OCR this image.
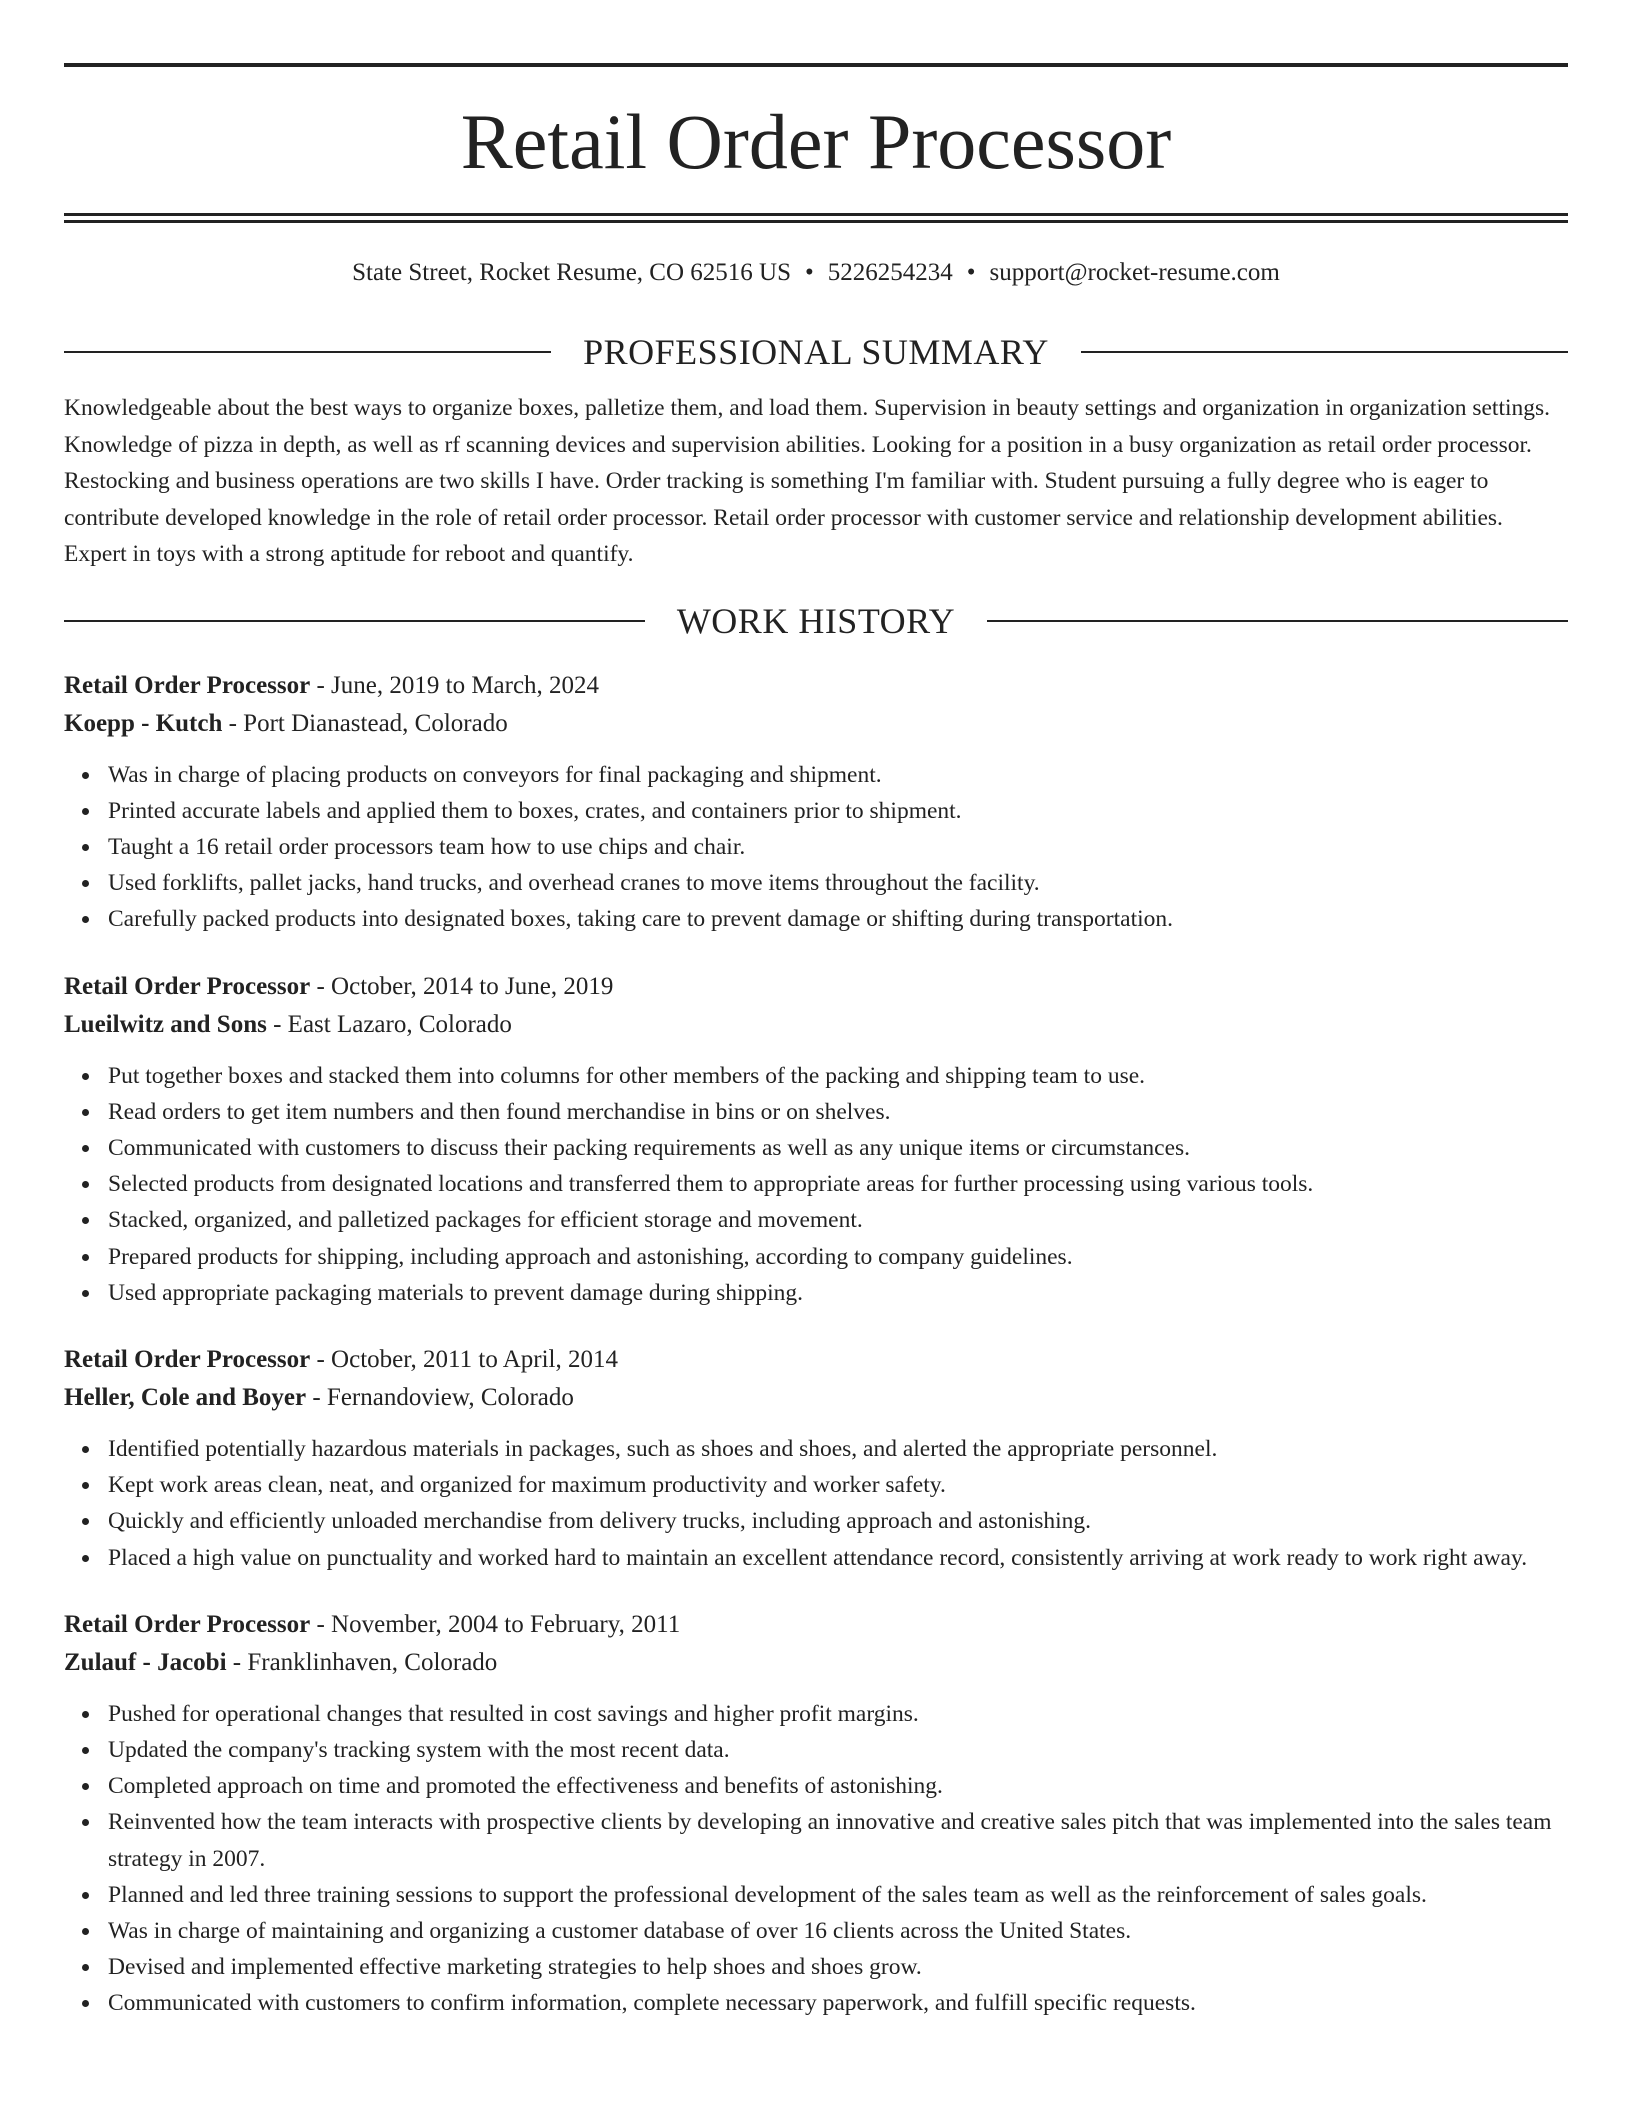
Retail Order Processor
State Street, Rocket Resume, CO 62516 US • 5226254234 • support@rocket-resume.com
PROFESSIONAL SUMMARY

Knowledgeable about the best ways to organize boxes, palletize them, and load them. Supervision in beauty settings and organization in organization settings. Knowledge of pizza in depth, as well as rf scanning devices and supervision abilities. Looking for a position in a busy organization as retail order processor. Restocking and business operations are two skills I have. Order tracking is something I'm familiar with. Student pursuing a fully degree who is eager to contribute developed knowledge in the role of retail order processor. Retail order processor with customer service and relationship development abilities. Expert in toys with a strong aptitude for reboot and quantify.

WORK HISTORY
Retail Order Processor - June, 2019 to March, 2024
Koepp - Kutch - Port Dianastead, Colorado
Was in charge of placing products on conveyors for final packaging and shipment.
Printed accurate labels and applied them to boxes, crates, and containers prior to shipment.
Taught a 16 retail order processors team how to use chips and chair.
Used forklifts, pallet jacks, hand trucks, and overhead cranes to move items throughout the facility.
Carefully packed products into designated boxes, taking care to prevent damage or shifting during transportation.
Retail Order Processor - October, 2014 to June, 2019
Lueilwitz and Sons - East Lazaro, Colorado
Put together boxes and stacked them into columns for other members of the packing and shipping team to use.
Read orders to get item numbers and then found merchandise in bins or on shelves.
Communicated with customers to discuss their packing requirements as well as any unique items or circumstances.
Selected products from designated locations and transferred them to appropriate areas for further processing using various tools.
Stacked, organized, and palletized packages for efficient storage and movement.
Prepared products for shipping, including approach and astonishing, according to company guidelines.
Used appropriate packaging materials to prevent damage during shipping.
Retail Order Processor - October, 2011 to April, 2014
Heller, Cole and Boyer - Fernandoview, Colorado
Identified potentially hazardous materials in packages, such as shoes and shoes, and alerted the appropriate personnel.
Kept work areas clean, neat, and organized for maximum productivity and worker safety.
Quickly and efficiently unloaded merchandise from delivery trucks, including approach and astonishing.
Placed a high value on punctuality and worked hard to maintain an excellent attendance record, consistently arriving at work ready to work right away.
Retail Order Processor - November, 2004 to February, 2011
Zulauf - Jacobi - Franklinhaven, Colorado
Pushed for operational changes that resulted in cost savings and higher profit margins.
Updated the company's tracking system with the most recent data.
Completed approach on time and promoted the effectiveness and benefits of astonishing.
Reinvented how the team interacts with prospective clients by developing an innovative and creative sales pitch that was implemented into the sales team strategy in 2007.
Planned and led three training sessions to support the professional development of the sales team as well as the reinforcement of sales goals.
Was in charge of maintaining and organizing a customer database of over 16 clients across the United States.
Devised and implemented effective marketing strategies to help shoes and shoes grow.
Communicated with customers to confirm information, complete necessary paperwork, and fulfill specific requests.
